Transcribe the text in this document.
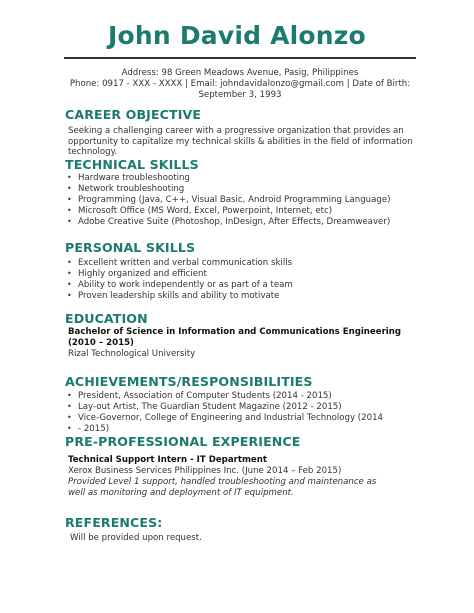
John David Alonzo
Address: 98 Green Meadows Avenue, Pasig, Philippines
Phone: 0917 - XXX - XXXX | Email: johndavidalonzo@gmail.com | Date of Birth:
September 3, 1993
CAREER OBJECTIVE
Seeking a challenging career with a progressive organization that provides an opportunity to capitalize my technical skills & abilities in the field of information technology.
TECHNICAL SKILLS
• Hardware troubleshooting
• Network troubleshooting
• Programming (Java, C++, Visual Basic, Android Programming Language)
• Microsoft Office (MS Word, Excel, Powerpoint, Internet, etc)
• Adobe Creative Suite (Photoshop, InDesign, After Effects, Dreamweaver)
PERSONAL SKILLS
• Excellent written and verbal communication skills
• Highly organized and efficient
• Ability to work independently or as part of a team
• Proven leadership skills and ability to motivate
EDUCATION
Bachelor of Science in Information and Communications Engineering
(2010 – 2015)
Rizal Technological University
ACHIEVEMENTS/RESPONSIBILITIES
• President, Association of Computer Students (2014 - 2015)
• Lay-out Artist, The Guardian Student Magazine (2012 - 2015)
• Vice-Governor, College of Engineering and Industrial Technology (2014
• - 2015)
PRE-PROFESSIONAL EXPERIENCE
Technical Support Intern - IT Department
Xerox Business Services Philippines Inc. (June 2014 – Feb 2015)
Provided Level 1 support, handled troubleshooting and maintenance as
well as monitoring and deployment of IT equipment.
REFERENCES:
Will be provided upon request.
